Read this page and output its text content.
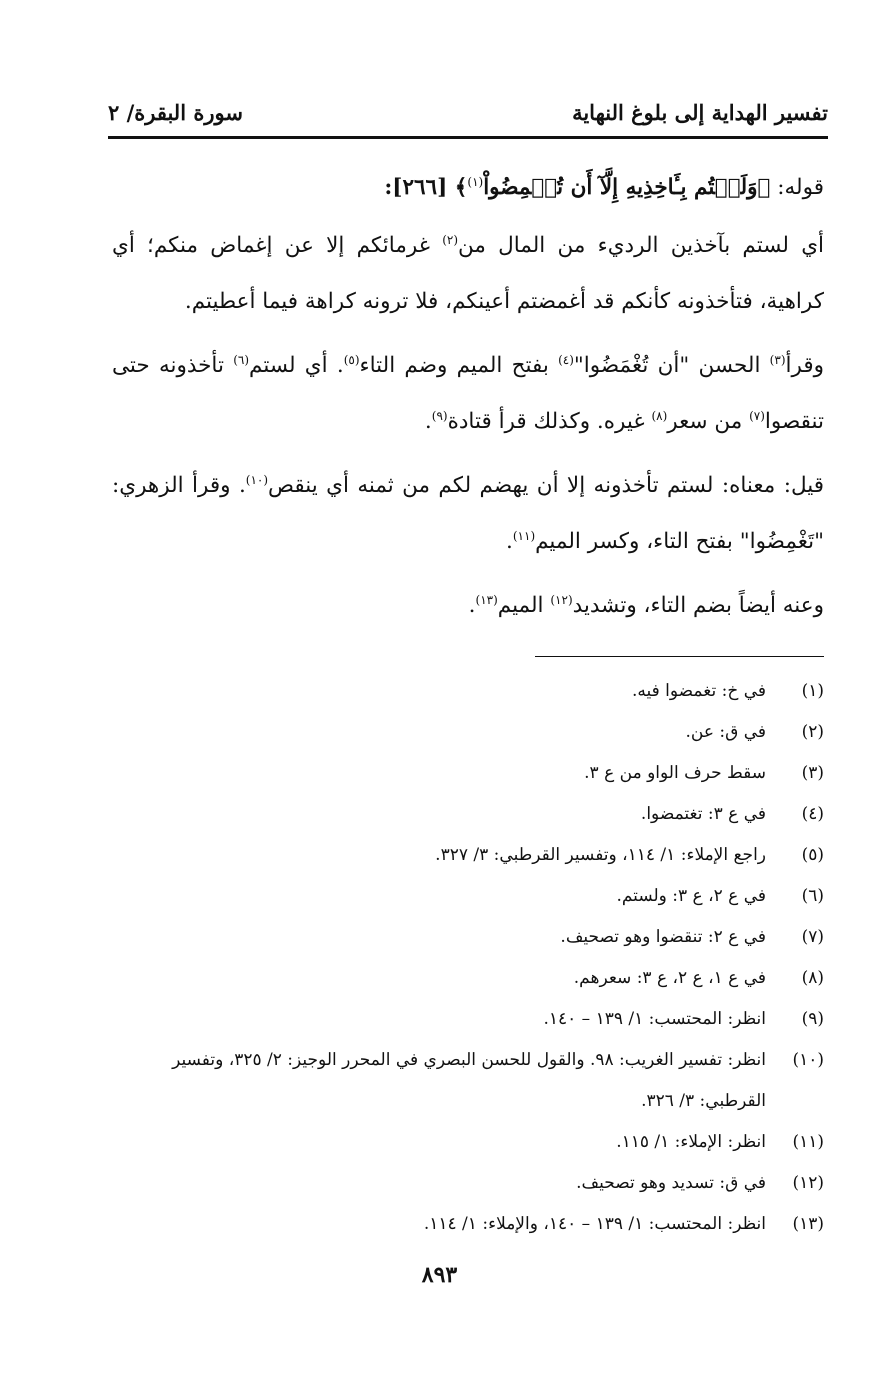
تفسير الهداية إلى بلوغ النهاية
سورة البقرة/ ٢

قوله: ﴿وَلَسۡتُم بِـَٔاخِذِيهِ إِلَّآ أَن تُغۡمِضُواْ$^{(١)}$﴾ [٢٦٦]:

أي لستم بآخذين الرديء من المال من$^{(٢)}$ غرمائكم إلا عن إغماض منكم؛ أي كراهية، فتأخذونه كأنكم قد أغمضتم أعينكم، فلا ترونه كراهة فيما أعطيتم.

وقرأ$^{(٣)}$ الحسن "أن تُغْمَضُوا"$^{(٤)}$ بفتح الميم وضم التاء$^{(٥)}$. أي لستم$^{(٦)}$ تأخذونه حتى تنقصوا$^{(٧)}$ من سعر$^{(٨)}$ غيره. وكذلك قرأ قتادة$^{(٩)}$.

قيل: معناه: لستم تأخذونه إلا أن يهضم لكم من ثمنه أي ينقص$^{(١٠)}$. وقرأ الزهري: "تَغْمِضُوا" بفتح التاء، وكسر الميم$^{(١١)}$.

وعنه أيضاً بضم التاء، وتشديد$^{(١٢)}$ الميم$^{(١٣)}$.

(١)
في خ: تغمضوا فيه.
(٢)
في ق: عن.
(٣)
سقط حرف الواو من ع ٣.
(٤)
في ع ٣: تغتمضوا.
(٥)
راجع الإملاء: ١/ ١١٤، وتفسير القرطبي: ٣/ ٣٢٧.
(٦)
في ع ٢، ع ٣: ولستم.
(٧)
في ع ٢: تنقضوا وهو تصحيف.
(٨)
في ع ١، ع ٢، ع ٣: سعرهم.
(٩)
انظر: المحتسب: ١/ ١٣٩ – ١٤٠.
(١٠)
انظر: تفسير الغريب: ٩٨. والقول للحسن البصري في المحرر الوجيز: ٢/ ٣٢٥، وتفسير القرطبي: ٣/ ٣٢٦.
(١١)
انظر: الإملاء: ١/ ١١٥.
(١٢)
في ق: تسديد وهو تصحيف.
(١٣)
انظر: المحتسب: ١/ ١٣٩ – ١٤٠، والإملاء: ١/ ١١٤.
٨٩٣
